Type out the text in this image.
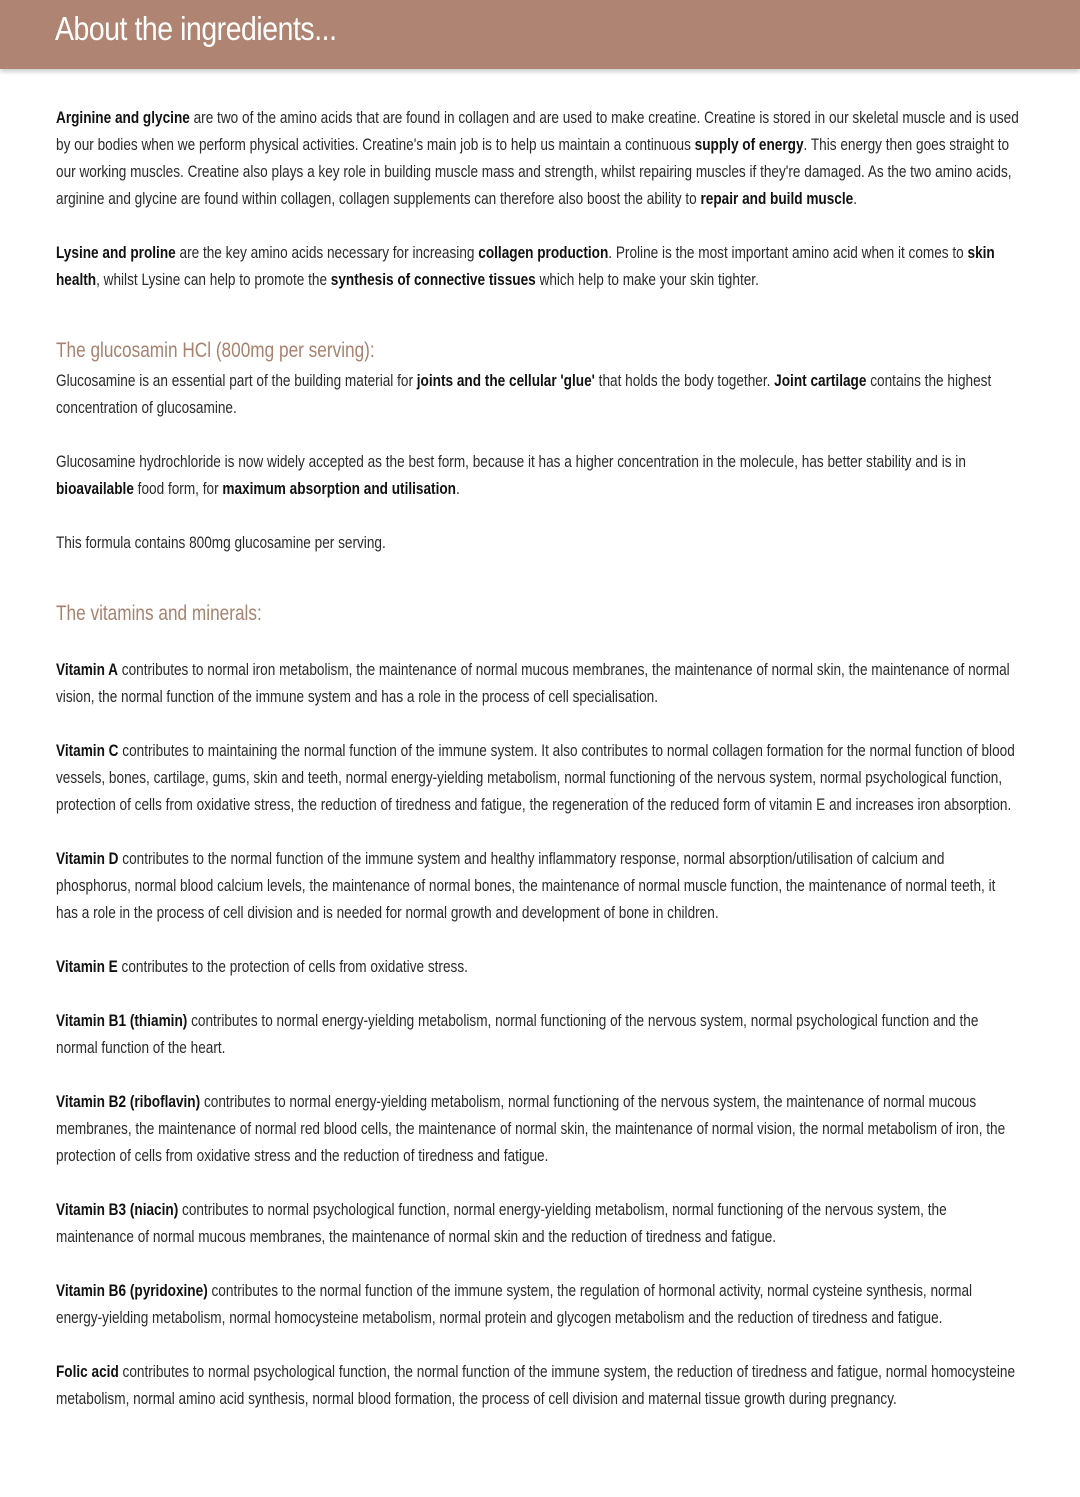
About the ingredients...

Arginine and glycine are two of the amino acids that are found in collagen and are used to make creatine. Creatine is stored in our skeletal muscle and is used by our bodies when we perform physical activities. Creatine's main job is to help us maintain a continuous supply of energy. This energy then goes straight to our working muscles. Creatine also plays a key role in building muscle mass and strength, whilst repairing muscles if they're damaged. As the two amino acids, arginine and glycine are found within collagen, collagen supplements can therefore also boost the ability to repair and build muscle.

Lysine and proline are the key amino acids necessary for increasing collagen production. Proline is the most important amino acid when it comes to skin health, whilst Lysine can help to promote the synthesis of connective tissues which help to make your skin tighter.

The glucosamin HCl (800mg per serving):

Glucosamine is an essential part of the building material for joints and the cellular 'glue' that holds the body together. Joint cartilage contains the highest concentration of glucosamine.

Glucosamine hydrochloride is now widely accepted as the best form, because it has a higher concentration in the molecule, has better stability and is in bioavailable food form, for maximum absorption and utilisation.

This formula contains 800mg glucosamine per serving.

The vitamins and minerals:

Vitamin A contributes to normal iron metabolism, the maintenance of normal mucous membranes, the maintenance of normal skin, the maintenance of normal vision, the normal function of the immune system and has a role in the process of cell specialisation.

Vitamin C contributes to maintaining the normal function of the immune system. It also contributes to normal collagen formation for the normal function of blood vessels, bones, cartilage, gums, skin and teeth, normal energy-yielding metabolism, normal functioning of the nervous system, normal psychological function, protection of cells from oxidative stress, the reduction of tiredness and fatigue, the regeneration of the reduced form of vitamin E and increases iron absorption.

Vitamin D contributes to the normal function of the immune system and healthy inflammatory response, normal absorption/utilisation of calcium and phosphorus, normal blood calcium levels, the maintenance of normal bones, the maintenance of normal muscle function, the maintenance of normal teeth, it has a role in the process of cell division and is needed for normal growth and development of bone in children.

Vitamin E contributes to the protection of cells from oxidative stress.

Vitamin B1 (thiamin) contributes to normal energy-yielding metabolism, normal functioning of the nervous system, normal psychological function and the normal function of the heart.

Vitamin B2 (riboflavin) contributes to normal energy-yielding metabolism, normal functioning of the nervous system, the maintenance of normal mucous membranes, the maintenance of normal red blood cells, the maintenance of normal skin, the maintenance of normal vision, the normal metabolism of iron, the protection of cells from oxidative stress and the reduction of tiredness and fatigue.

Vitamin B3 (niacin) contributes to normal psychological function, normal energy-yielding metabolism, normal functioning of the nervous system, the maintenance of normal mucous membranes, the maintenance of normal skin and the reduction of tiredness and fatigue.

Vitamin B6 (pyridoxine) contributes to the normal function of the immune system, the regulation of hormonal activity, normal cysteine synthesis, normal energy-yielding metabolism, normal homocysteine metabolism, normal protein and glycogen metabolism and the reduction of tiredness and fatigue.

Folic acid contributes to normal psychological function, the normal function of the immune system, the reduction of tiredness and fatigue, normal homocysteine metabolism, normal amino acid synthesis, normal blood formation, the process of cell division and maternal tissue growth during pregnancy.
